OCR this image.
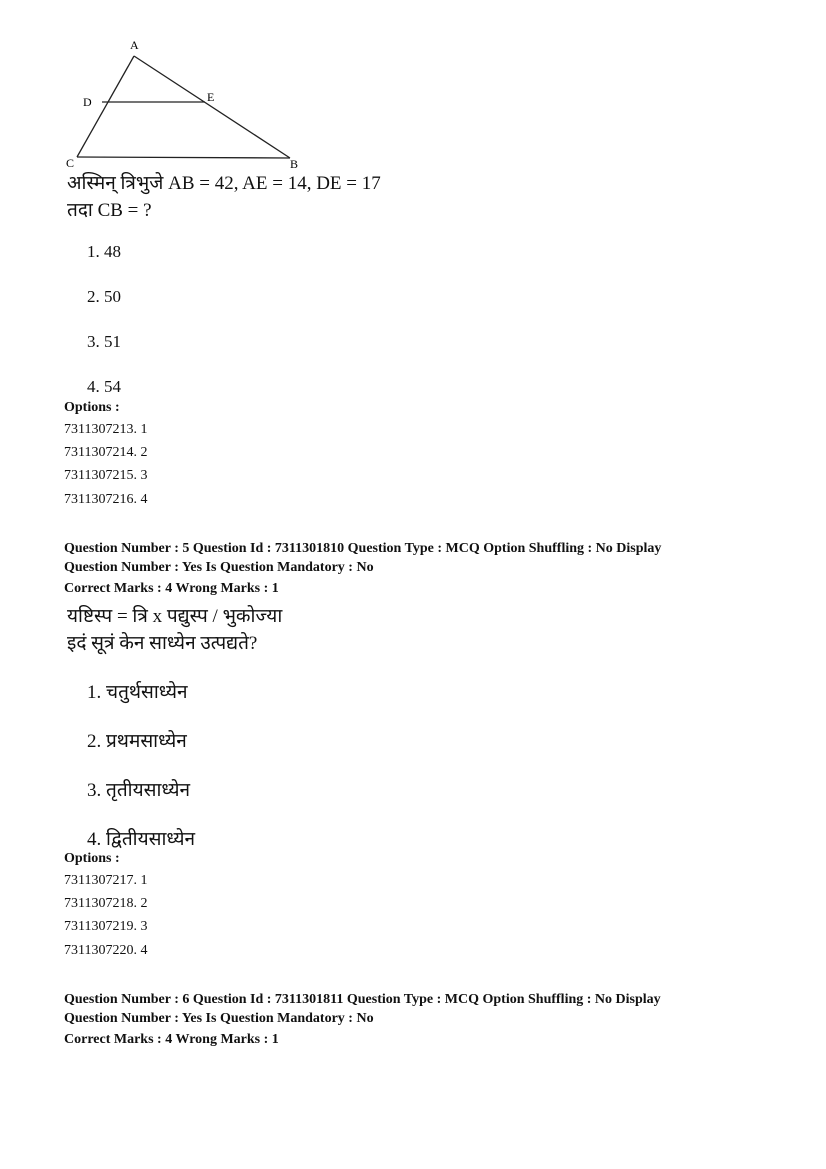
A
D	E
C	B
अस्मिन् त्रिभुजे AB = 42, AE = 14, DE = 17
तदा CB = ?
1. 48
2. 50
3. 51
4. 54
Options :
7311307213. 1
7311307214. 2
7311307215. 3
7311307216. 4
Question Number : 5 Question Id : 7311301810 Question Type : MCQ Option Shuffling : No Display
Question Number : Yes Is Question Mandatory : No
Correct Marks : 4 Wrong Marks : 1
यष्टिस्प = त्रि x पद्युस्प / भुकोज्या
इदं सूत्रं केन साध्येन उत्पद्यते?
1. चतुर्थसाध्येन
2. प्रथमसाध्येन
3. तृतीयसाध्येन
4. द्वितीयसाध्येन
Options :
7311307217. 1
7311307218. 2
7311307219. 3
7311307220. 4
Question Number : 6 Question Id : 7311301811 Question Type : MCQ Option Shuffling : No Display
Question Number : Yes Is Question Mandatory : No
Correct Marks : 4 Wrong Marks : 1
